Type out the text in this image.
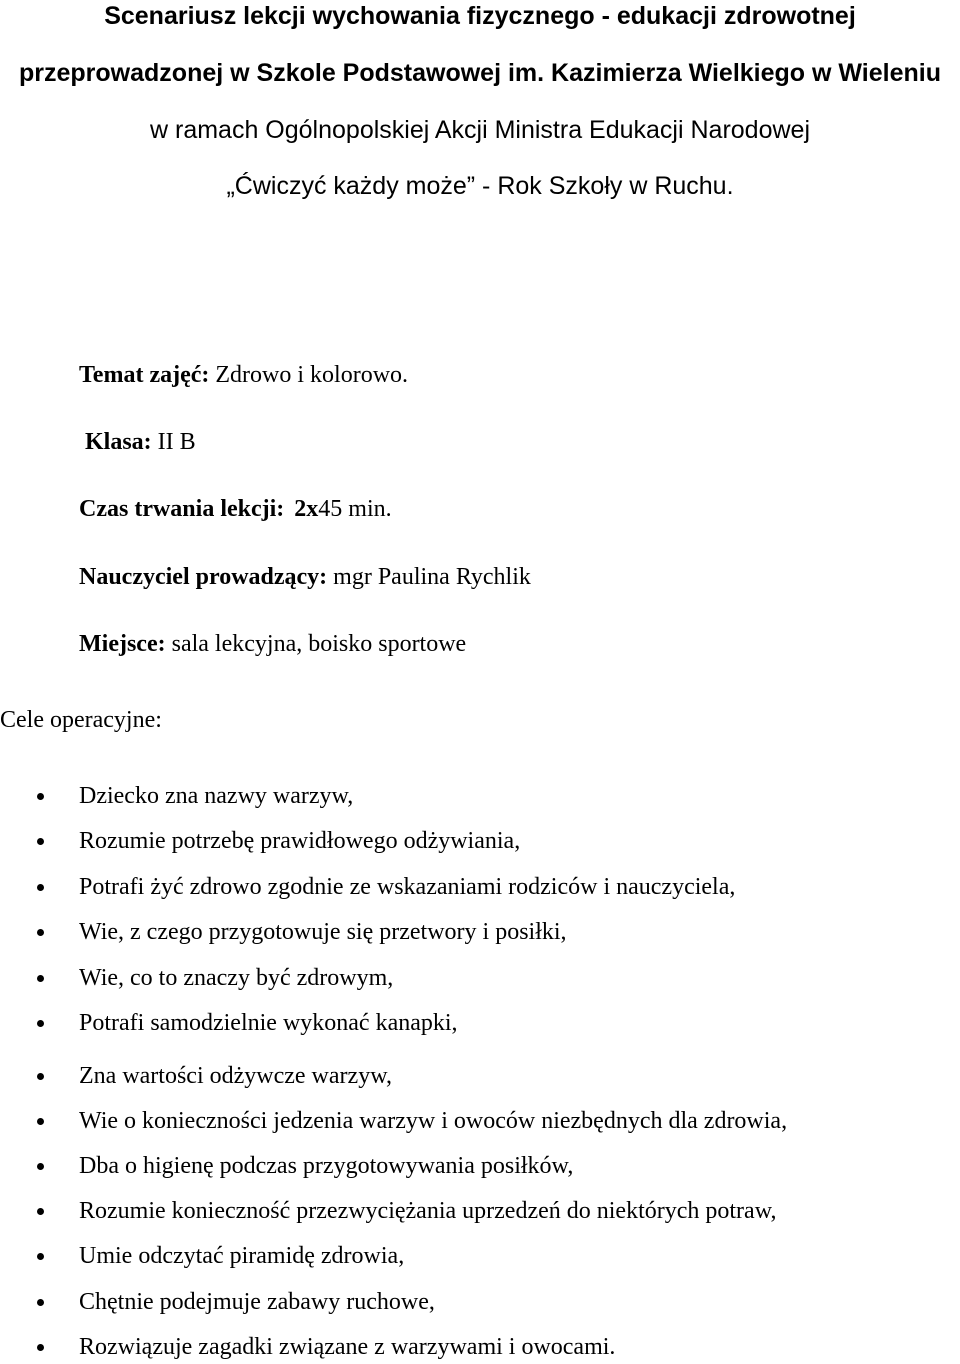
Scenariusz lekcji wychowania fizycznego - edukacji zdrowotnej
przeprowadzonej w Szkole Podstawowej im. Kazimierza Wielkiego w Wieleniu
w ramach Ogólnopolskiej Akcji Ministra Edukacji Narodowej
„Ćwiczyć każdy może” - Rok Szkoły w Ruchu.
Temat zajęć: Zdrowo i kolorowo.
Klasa: II B
Czas trwania lekcji: 2x45 min.
Nauczyciel prowadzący: mgr Paulina Rychlik
Miejsce: sala lekcyjna, boisko sportowe
Cele operacyjne:
Dziecko zna nazwy warzyw,
Rozumie potrzebę prawidłowego odżywiania,
Potrafi żyć zdrowo zgodnie ze wskazaniami rodziców i nauczyciela,
Wie, z czego przygotowuje się przetwory i posiłki,
Wie, co to znaczy być zdrowym,
Potrafi samodzielnie wykonać kanapki,
Zna wartości odżywcze warzyw,
Wie o konieczności jedzenia warzyw i owoców niezbędnych dla zdrowia,
Dba o higienę podczas przygotowywania posiłków,
Rozumie konieczność przezwyciężania uprzedzeń do niektórych potraw,
Umie odczytać piramidę zdrowia,
Chętnie podejmuje zabawy ruchowe,
Rozwiązuje zagadki związane z warzywami i owocami.
